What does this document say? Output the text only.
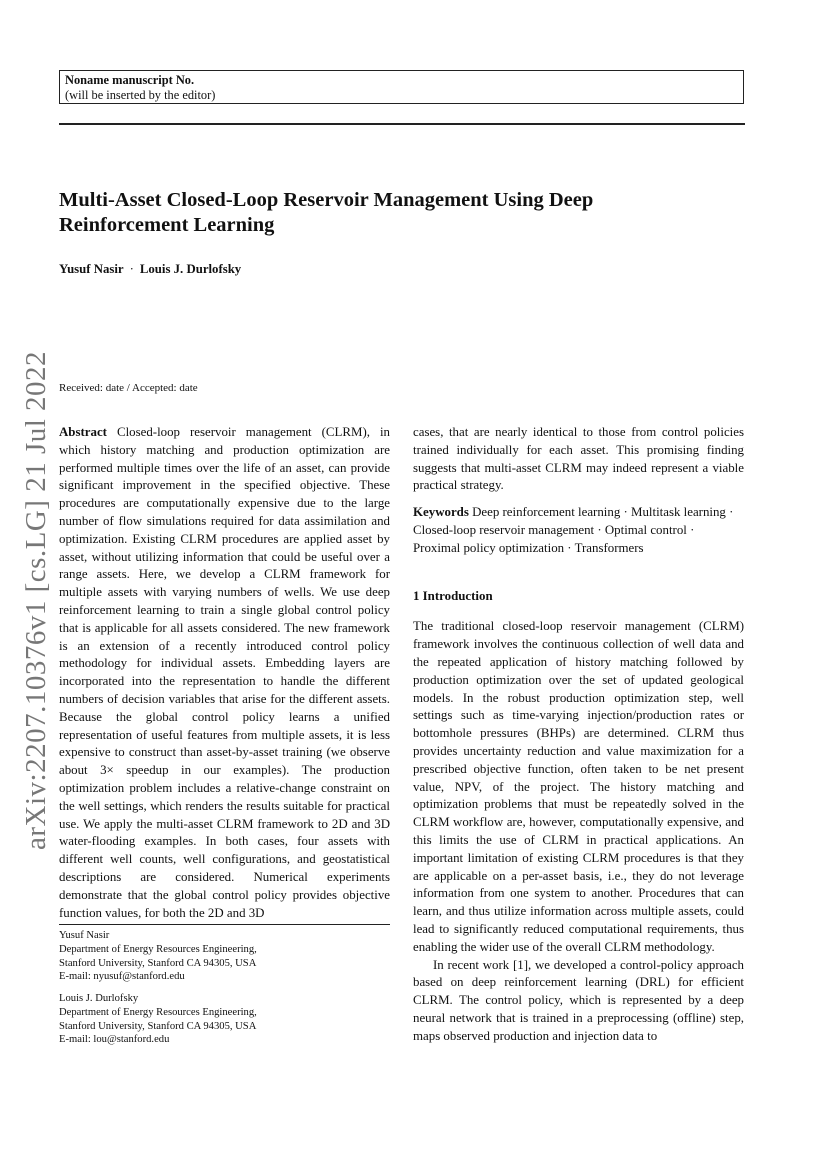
Noname manuscript No.
(will be inserted by the editor)
Multi-Asset Closed-Loop Reservoir Management Using Deep Reinforcement Learning
Yusuf Nasir · Louis J. Durlofsky
Received: date / Accepted: date
arXiv:2207.10376v1 [cs.LG] 21 Jul 2022 Abstract Closed-loop reservoir management (CLRM), in which history matching and production optimization are performed multiple times over the life of an asset, can provide significant improvement in the specified objective. These procedures are computationally expensive due to the large number of flow simulations required for data assimilation and optimization. Existing CLRM procedures are applied asset by asset, without utilizing information that could be useful over a range assets. Here, we develop a CLRM framework for multiple assets with varying numbers of wells. We use deep reinforcement learning to train a single global control policy that is applicable for all assets considered. The new framework is an extension of a recently introduced control policy methodology for individual assets. Embedding layers are incorporated into the representation to handle the different numbers of decision variables that arise for the different assets. Because the global control policy learns a unified representation of useful features from multiple assets, it is less expensive to construct than asset-by-asset training (we observe about 3× speedup in our examples). The production optimization problem includes a relative-change constraint on the well settings, which renders the results suitable for practical use. We apply the multi-asset CLRM framework to 2D and 3D water-flooding examples. In both cases, four assets with different well counts, well configurations, and geostatistical descriptions are considered. Numerical experiments demonstrate that the global control policy provides objective function values, for both the 2D and 3D

cases, that are nearly identical to those from control policies trained individually for each asset. This promising finding suggests that multi-asset CLRM may indeed represent a viable practical strategy.

Keywords Deep reinforcement learning · Multitask learning · Closed-loop reservoir management · Optimal control · Proximal policy optimization · Transformers

1 Introduction

The traditional closed-loop reservoir management (CLRM) framework involves the continuous collection of well data and the repeated application of history matching followed by production optimization over the set of updated geological models. In the robust production optimization step, well settings such as time-varying injection/production rates or bottomhole pressures (BHPs) are determined. CLRM thus provides uncertainty reduction and value maximization for a prescribed objective function, often taken to be net present value, NPV, of the project. The history matching and optimization problems that must be repeatedly solved in the CLRM workflow are, however, computationally expensive, and this limits the use of CLRM in practical applications. An important limitation of existing CLRM procedures is that they are applicable on a per-asset basis, i.e., they do not leverage information from one system to another. Procedures that can learn, and thus utilize information across multiple assets, could lead to significantly reduced computational requirements, thus enabling the wider use of the overall CLRM methodology.

In recent work [1], we developed a control-policy approach based on deep reinforcement learning (DRL) for efficient CLRM. The control policy, which is represented by a deep neural network that is trained in a preprocessing (offline) step, maps observed production and injection data to

Yusuf Nasir
Department of Energy Resources Engineering,
Stanford University, Stanford CA 94305, USA
E-mail: nyusuf@stanford.edu
Louis J. Durlofsky
Department of Energy Resources Engineering,
Stanford University, Stanford CA 94305, USA
E-mail: lou@stanford.edu
